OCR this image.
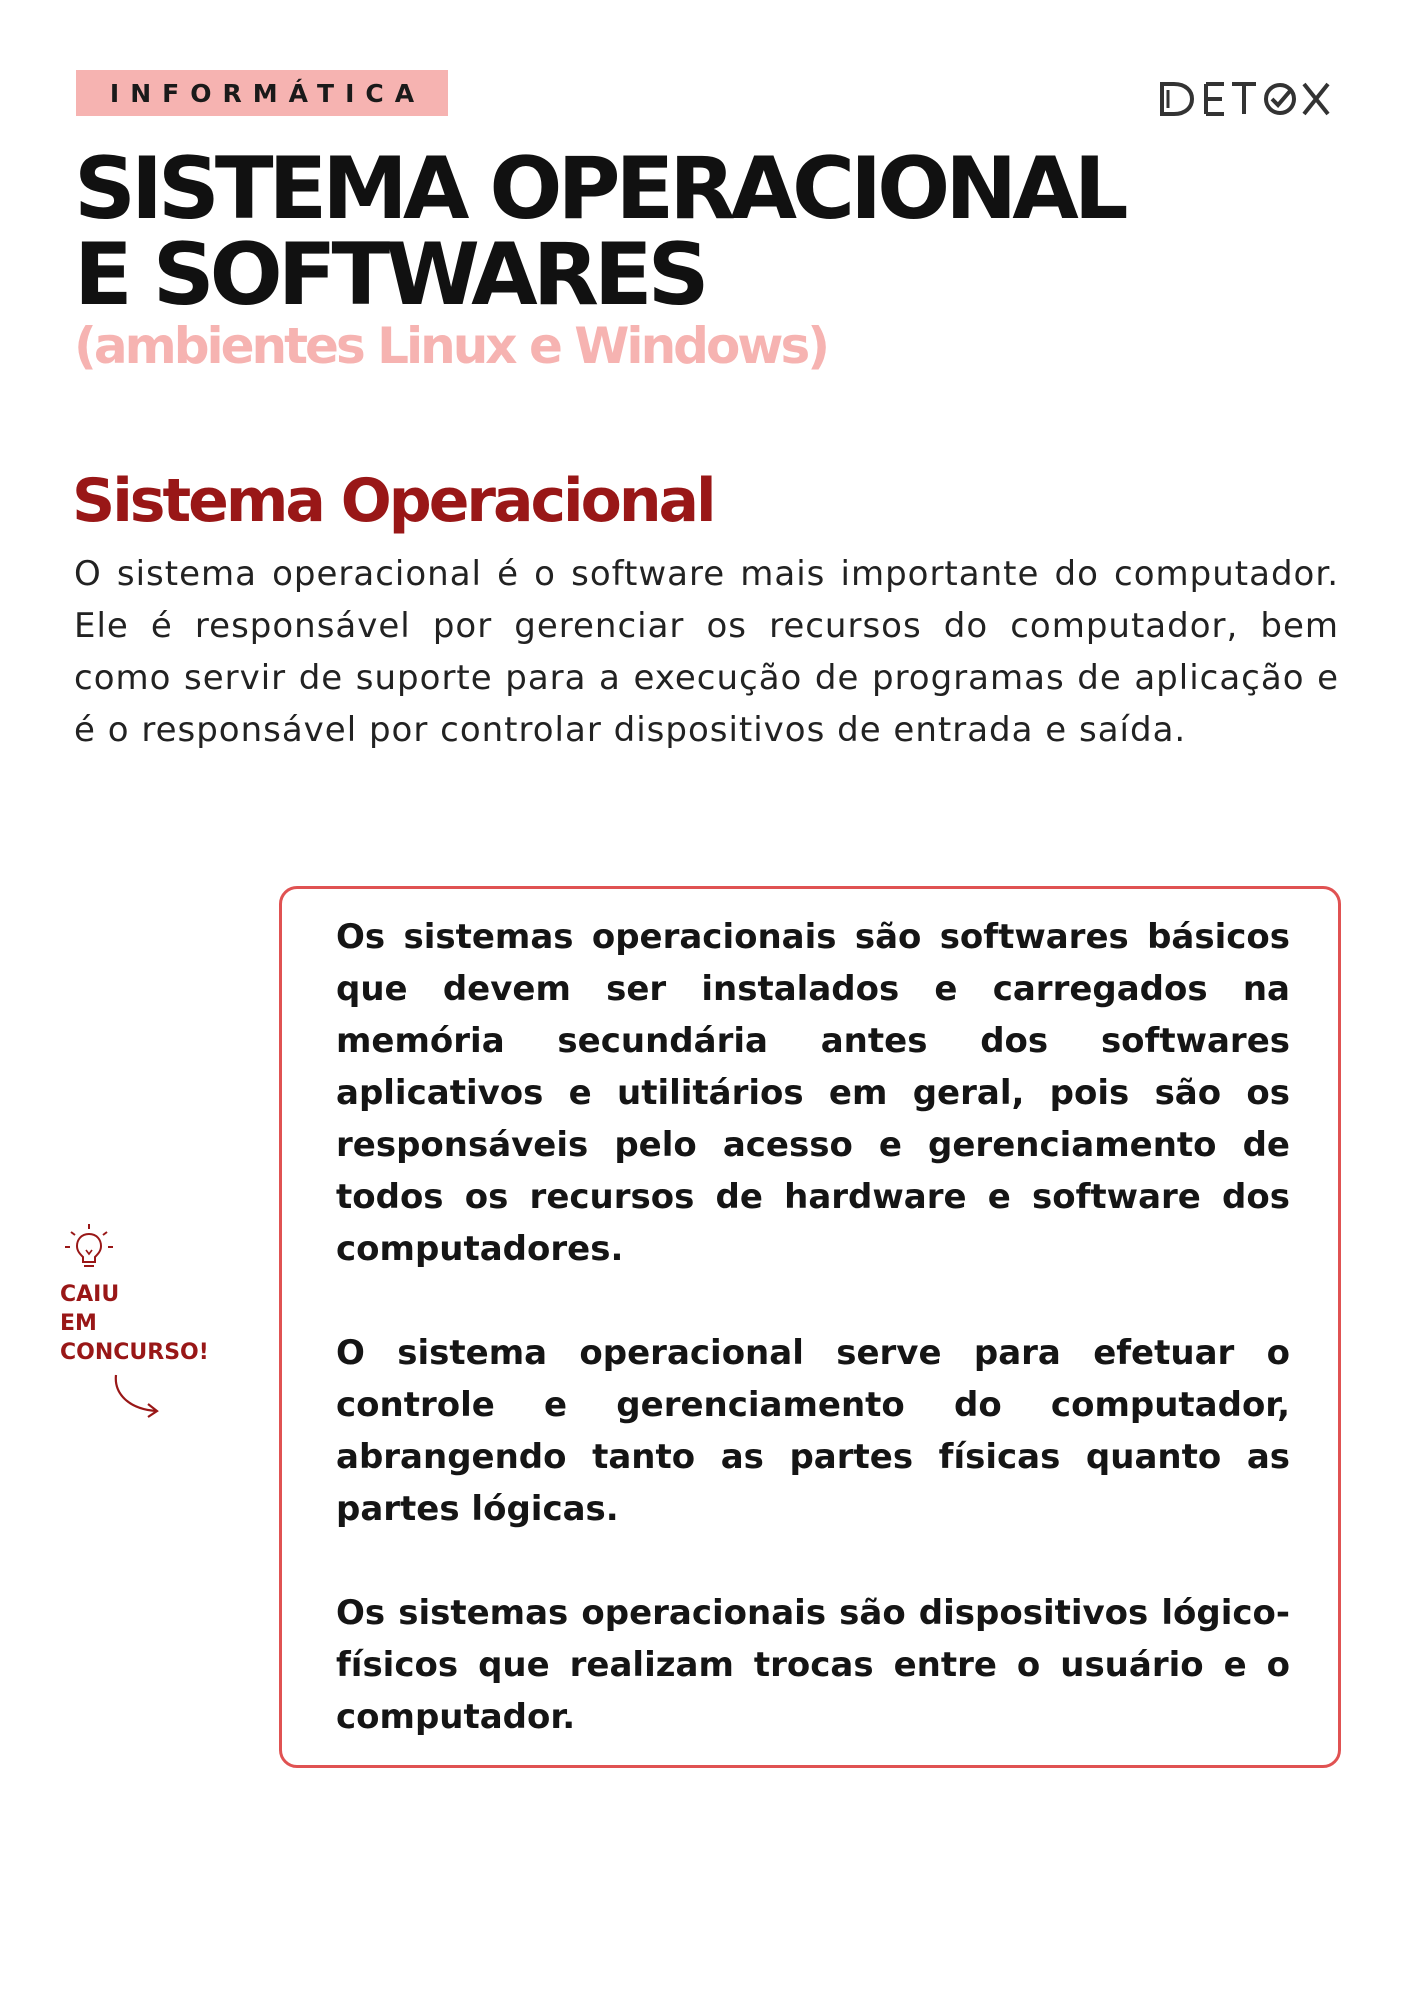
INFORMÁTICA
SISTEMA OPERACIONAL
E SOFTWARES
(ambientes Linux e Windows)
Sistema Operacional

O sistema operacional é o software mais importante do computador. Ele é responsável por gerenciar os recursos do computador, bem como servir de suporte para a execução de programas de aplicação e é o responsável por controlar dispositivos de entrada e saída.

CAIU
EM
CONCURSO!

Os sistemas operacionais são softwares básicos que devem ser instalados e carregados na memória secundária antes dos softwares aplicativos e utilitários em geral, pois são os responsáveis pelo acesso e gerenciamento de todos os recursos de hardware e software dos computadores.

O sistema operacional serve para efetuar o controle e gerenciamento do computador, abrangendo tanto as partes físicas quanto as partes lógicas.

Os sistemas operacionais são dispositivos lógico-físicos que realizam trocas entre o usuário e o computador.
